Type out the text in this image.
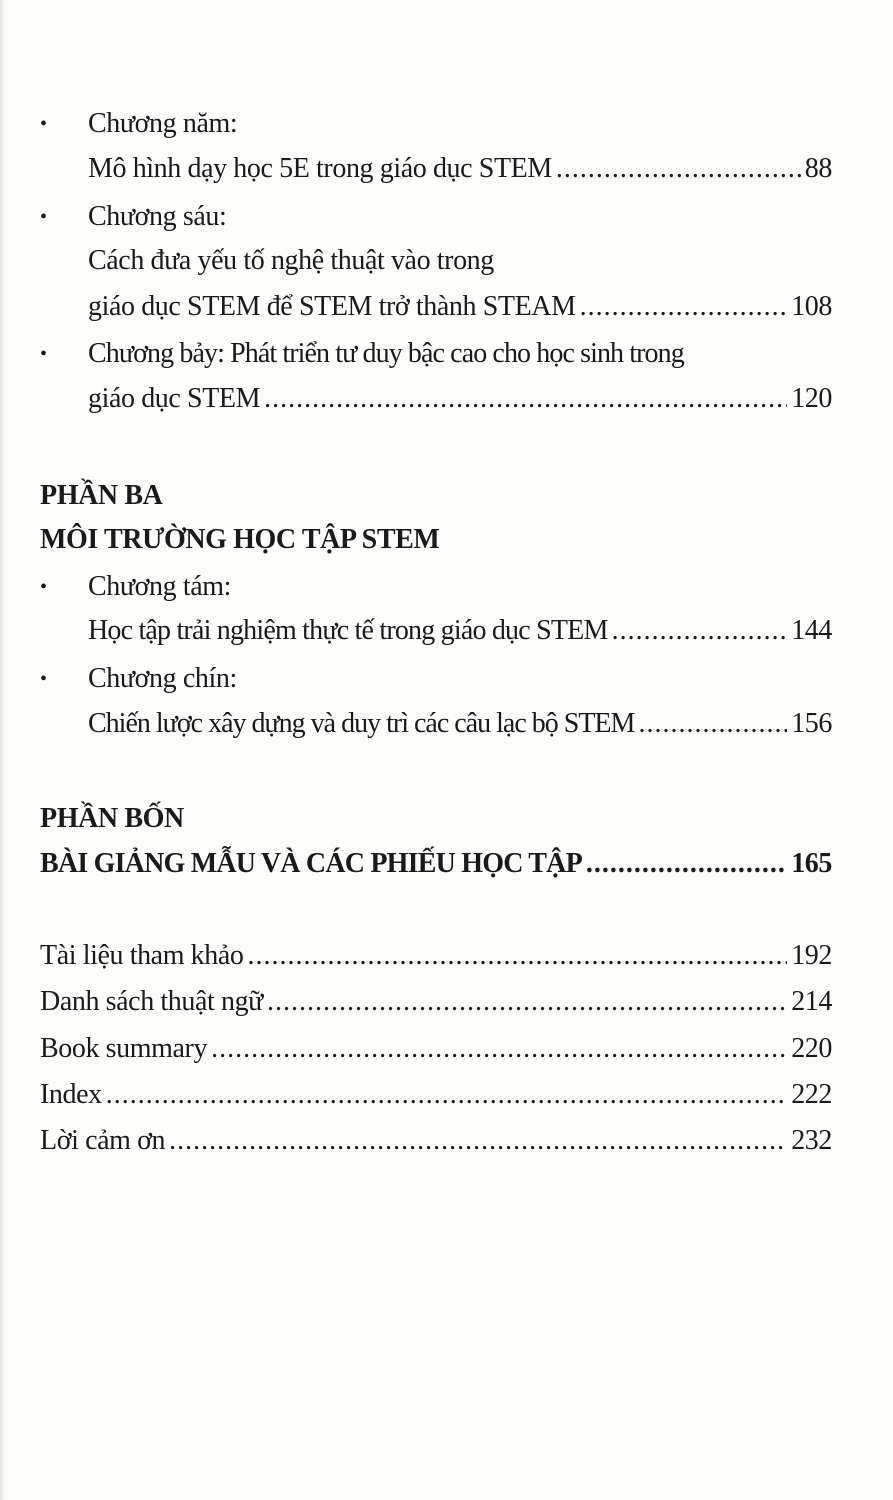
• Chương năm:
Mô hình dạy học 5E trong giáo dục STEM .....	88
• Chương sáu:
Cách đưa yếu tố nghệ thuật vào trong
giáo dục STEM để STEM trở thành STEAM .....	108
• Chương bảy: Phát triển tư duy bậc cao cho học sinh trong
giáo dục STEM .....	120
PHẦN BA
MÔI TRƯỜNG HỌC TẬP STEM
• Chương tám:
Học tập trải nghiệm thực tế trong giáo dục STEM .....	144
• Chương chín:
Chiến lược xây dựng và duy trì các câu lạc bộ STEM .....	156
PHẦN BỐN
BÀI GIẢNG MẪU VÀ CÁC PHIẾU HỌC TẬP .....	165
Tài liệu tham khảo .....	192
Danh sách thuật ngữ .....	214
Book summary .....	220
Index .....	222
Lời cảm ơn .....	232
